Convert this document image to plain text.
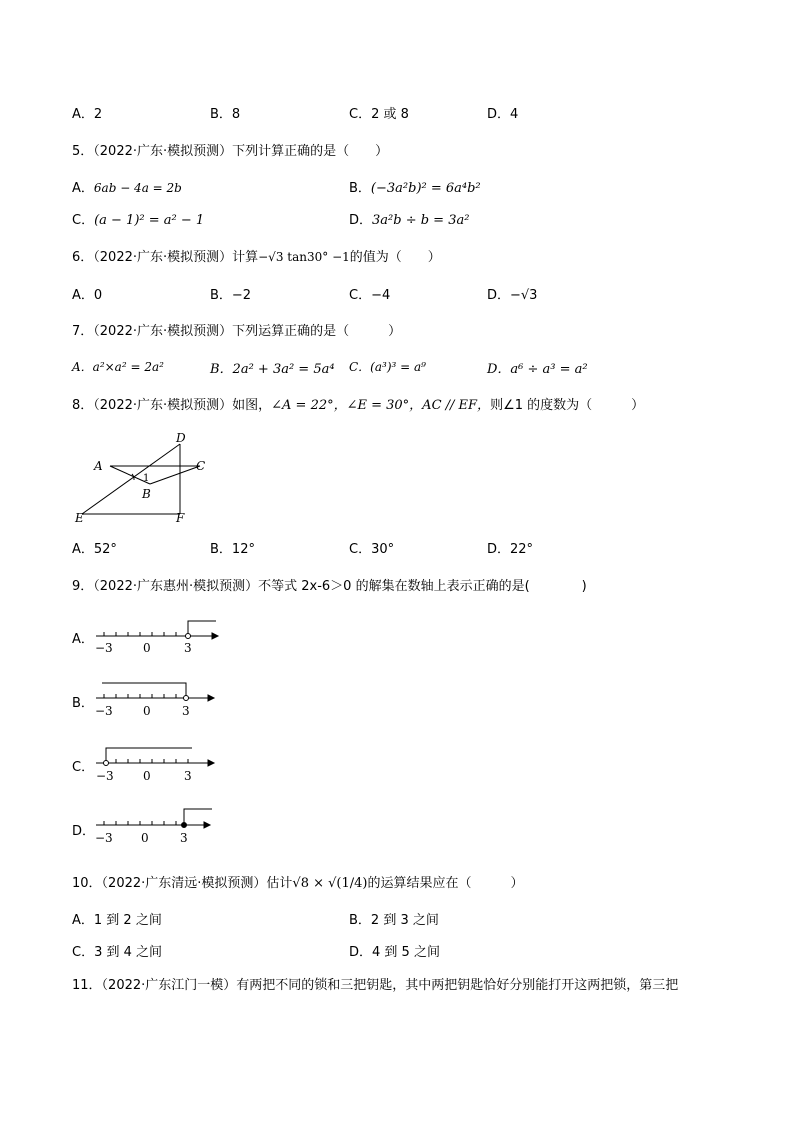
A．2	B．8	C．2 或 8	D．4
5．（2022·广东·模拟预测）下列计算正确的是（　　）
A．6ab − 4a = 2b	B．(−3a²b)² = 6a⁴b²
C．(a − 1)² = a² − 1	D．3a²b ÷ b = 3a²
6．（2022·广东·模拟预测）计算−√3 tan30° −1的值为（　　）
A．0	B．−2	C．−4	D．−√3
7．（2022·广东·模拟预测）下列运算正确的是（　　　）
A．a²×a² = 2a²	B．2a² + 3a² = 5a⁴ C．(a³)³ = a⁹	D．a⁶ ÷ a³ = a²
8．（2022·广东·模拟预测）如图，∠A = 22°，∠E = 30°，AC // EF，则∠1 的度数为（　　　）
D
A	C
B
1
E	F
A．52°	B．12°	C．30°	D．22°
9．（2022·广东惠州·模拟预测）不等式 2x-6＞0 的解集在数轴上表示正确的是(　　　　)
A．
−3	0	3
B． −3	0	3
C．
−3 0	3
D． −3 0	3
10．（2022·广东清远·模拟预测）估计√8 × √(1/4)的运算结果应在（　　　）
A．1 到 2 之间	B．2 到 3 之间
C．3 到 4 之间	D．4 到 5 之间
11．（2022·广东江门一模）有两把不同的锁和三把钥匙，其中两把钥匙恰好分别能打开这两把锁，第三把
